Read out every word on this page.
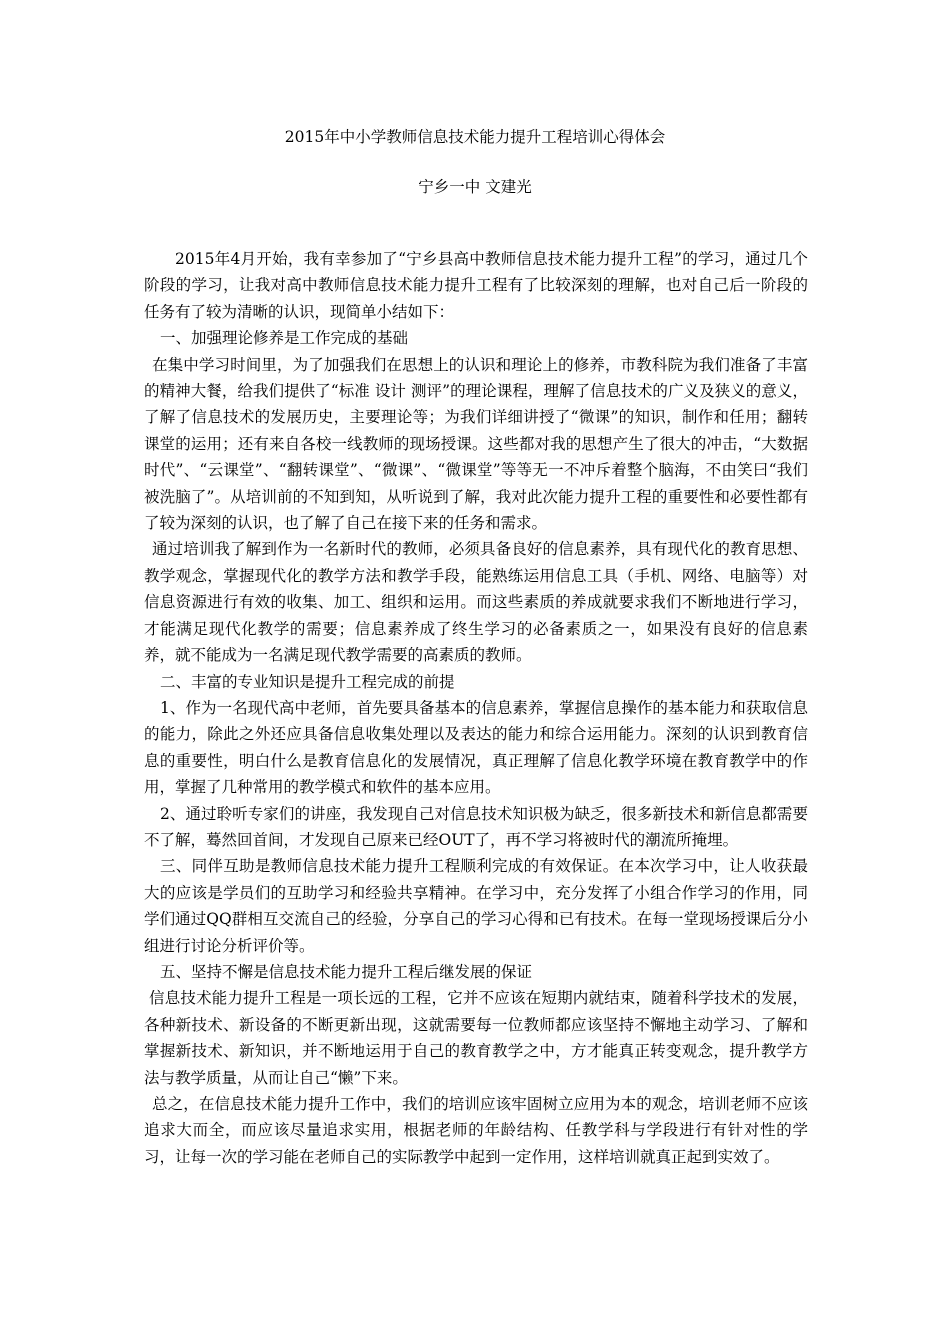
2015年中小学教师信息技术能力提升工程培训心得体会
宁乡一中 文建光

2015年4月开始，我有幸参加了“宁乡县高中教师信息技术能力提升工程”的学习，通过几个阶段的学习，让我对高中教师信息技术能力提升工程有了比较深刻的理解，也对自己后一阶段的任务有了较为清晰的认识，现简单小结如下：

一、加强理论修养是工作完成的基础

在集中学习时间里，为了加强我们在思想上的认识和理论上的修养，市教科院为我们准备了丰富的精神大餐，给我们提供了“标准 设计 测评”的理论课程，理解了信息技术的广义及狭义的意义，了解了信息技术的发展历史，主要理论等；为我们详细讲授了“微课”的知识，制作和任用；翻转课堂的运用；还有来自各校一线教师的现场授课。这些都对我的思想产生了很大的冲击，“大数据时代”、“云课堂”、“翻转课堂”、“微课”、“微课堂”等等无一不冲斥着整个脑海，不由笑曰“我们被洗脑了”。从培训前的不知到知，从听说到了解，我对此次能力提升工程的重要性和必要性都有了较为深刻的认识，也了解了自己在接下来的任务和需求。

通过培训我了解到作为一名新时代的教师，必须具备良好的信息素养，具有现代化的教育思想、教学观念，掌握现代化的教学方法和教学手段，能熟练运用信息工具（手机、网络、电脑等）对信息资源进行有效的收集、加工、组织和运用。而这些素质的养成就要求我们不断地进行学习，才能满足现代化教学的需要；信息素养成了终生学习的必备素质之一，如果没有良好的信息素养，就不能成为一名满足现代教学需要的高素质的教师。

二、丰富的专业知识是提升工程完成的前提

1、作为一名现代高中老师，首先要具备基本的信息素养，掌握信息操作的基本能力和获取信息的能力，除此之外还应具备信息收集处理以及表达的能力和综合运用能力。深刻的认识到教育信息的重要性，明白什么是教育信息化的发展情况，真正理解了信息化教学环境在教育教学中的作用，掌握了几种常用的教学模式和软件的基本应用。

2、通过聆听专家们的讲座，我发现自己对信息技术知识极为缺乏，很多新技术和新信息都需要不了解，蓦然回首间，才发现自己原来已经OUT了，再不学习将被时代的潮流所掩埋。

三、同伴互助是教师信息技术能力提升工程顺利完成的有效保证。在本次学习中，让人收获最大的应该是学员们的互助学习和经验共享精神。在学习中，充分发挥了小组合作学习的作用，同学们通过QQ群相互交流自己的经验，分享自己的学习心得和已有技术。在每一堂现场授课后分小组进行讨论分析评价等。

五、坚持不懈是信息技术能力提升工程后继发展的保证

信息技术能力提升工程是一项长远的工程，它并不应该在短期内就结束，随着科学技术的发展，各种新技术、新设备的不断更新出现，这就需要每一位教师都应该坚持不懈地主动学习、了解和掌握新技术、新知识，并不断地运用于自己的教育教学之中，方才能真正转变观念，提升教学方法与教学质量，从而让自己“懒”下来。

总之，在信息技术能力提升工作中，我们的培训应该牢固树立应用为本的观念，培训老师不应该追求大而全，而应该尽量追求实用，根据老师的年龄结构、任教学科与学段进行有针对性的学习，让每一次的学习能在老师自己的实际教学中起到一定作用，这样培训就真正起到实效了。
